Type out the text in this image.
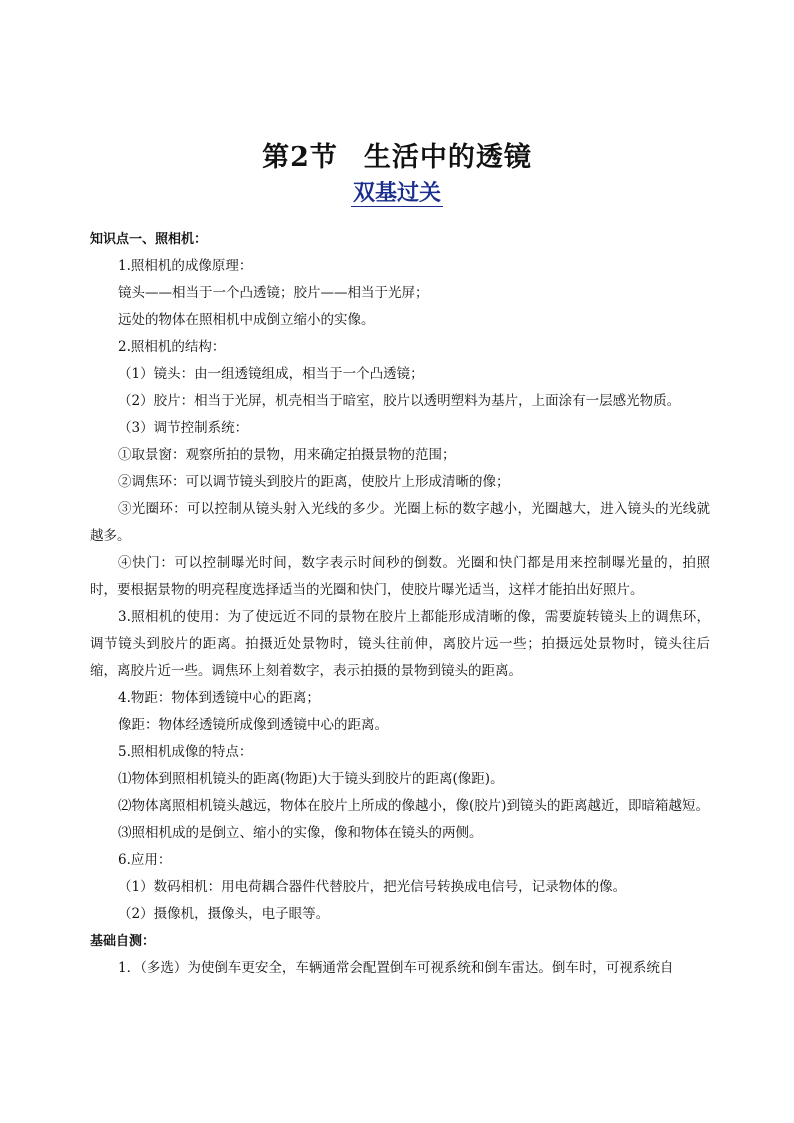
第2节 生活中的透镜
双基过关

知识点一、照相机：

1.照相机的成像原理：

镜头——相当于一个凸透镜；胶片——相当于光屏；

远处的物体在照相机中成倒立缩小的实像。

2.照相机的结构：

（1）镜头：由一组透镜组成，相当于一个凸透镜；

（2）胶片：相当于光屏，机壳相当于暗室，胶片以透明塑料为基片，上面涂有一层感光物质。

（3）调节控制系统：

①取景窗：观察所拍的景物，用来确定拍摄景物的范围；

②调焦环：可以调节镜头到胶片的距离，使胶片上形成清晰的像；

③光圈环：可以控制从镜头射入光线的多少。光圈上标的数字越小，光圈越大，进入镜头的光线就越多。

④快门：可以控制曝光时间，数字表示时间秒的倒数。光圈和快门都是用来控制曝光量的，拍照时，要根据景物的明亮程度选择适当的光圈和快门，使胶片曝光适当，这样才能拍出好照片。

3.照相机的使用：为了使远近不同的景物在胶片上都能形成清晰的像，需要旋转镜头上的调焦环，调节镜头到胶片的距离。拍摄近处景物时，镜头往前伸，离胶片远一些；拍摄远处景物时，镜头往后缩，离胶片近一些。调焦环上刻着数字，表示拍摄的景物到镜头的距离。

4.物距：物体到透镜中心的距离；

像距：物体经透镜所成像到透镜中心的距离。

5.照相机成像的特点：

⑴物体到照相机镜头的距离(物距)大于镜头到胶片的距离(像距)。

⑵物体离照相机镜头越远，物体在胶片上所成的像越小，像(胶片)到镜头的距离越近，即暗箱越短。

⑶照相机成的是倒立、缩小的实像，像和物体在镜头的两侧。

6.应用：

（1）数码相机：用电荷耦合器件代替胶片，把光信号转换成电信号，记录物体的像。

（2）摄像机，摄像头，电子眼等。

基础自测：

1．（多选）为使倒车更安全，车辆通常会配置倒车可视系统和倒车雷达。倒车时，可视系统自
